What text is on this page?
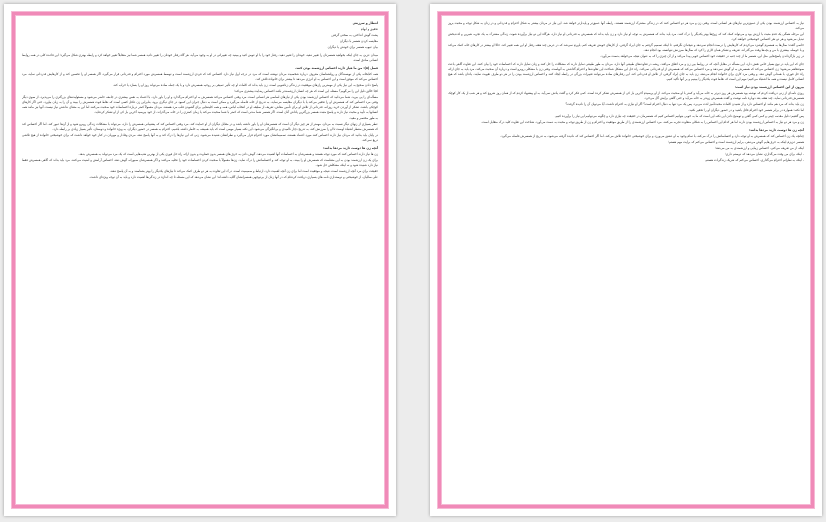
انتظار و سرزنش

تحقیق و ابهام

پشت گوش انداختن، به سختی گرفتن

مقایسه کردن همسر با دیگران

بیان عیوب همسر برای خودش یا دیگران

میدان عزیز، به جای اینکه بخواهید همسرتان را تغییر دهید، خودتان را تغییر دهید. رفتار خود را با او عوض کنید و ببینید چه تغییراتی در او به وجود می‌آید. هر گاه رفتار خودتان را تغییر دادید همسر شما نیز متقابلاً تغییر خواهد کرد و رابطه بهتری شکل می‌گیرد؛ این قاعده کلی در همه روابط انسانی صادق است.

فصل (۵): من ما هیاز دارند احساس ارزشمند بودن کنند.

همه کتابخانه پکی از نویسندگان و روانشناسان معروف درباره شخصیت مردان نوشته است که مرد در درجه اول نیاز دارد احساس کند که فردی ارزشمند است و توسط همسرش مورد احترام و قدردانی قرار می‌گیرد. اگر همسر او را تحسین کند و از کارهایش قدردانی نماید، مرد احساس می‌کند که موفق است و این احساس به او انرژی می‌دهد تا بیشتر برای خانواده تلاش کند.

پاسخ دادن صحیح به این نیاز یکی از مهمترین رازهای موفقیت در زندگی زناشویی است. زن باید بداند که کلمات او چه تأثیر عمیقی بر روحیه همسرش دارد و با یک جمله ساده می‌تواند روز او را بسازد یا خراب کند.

کجا خالق دلیل این را می‌گویم؟ مسئله این است که هر چه انسان ارزشمندتر باشد احساس رضایت بیشتری می‌کند؛

مسأله‌ای را پی ببرید. شما می‌دانید که احساس ارزشمند بودن یکی از نیازهای اساسی هر انسانی است. مرد وقتی احساس می‌کند همسرش به او احترام می‌گذارد و او را باور دارد، با اعتماد به نفس بیشتری در جامعه حاضر می‌شود و مسئولیت‌های بزرگتری را می‌پذیرد. از سوی دیگر وقتی مرد احساس کند که همسرش او را تحقیر می‌کند یا با دیگران مقایسه می‌نماید، به تدریج از خانه فاصله می‌گیرد و ممکن است به دنبال جبران این کمبود در جای دیگری برود. بنابراین زن عاقل کسی است که نقاط قوت همسرش را ببیند و آن را به زبان بیاورد، حتی اگر کارهای کوچکی باشند. تشکر از آوردن خرید روزانه، قدردانی از تلاش او برای تأمین معاش، تعریف از سلیقه او در انتخاب لباس، همه و همه کلیدهایی برای گشودن قلب مرد هستند. مردان معمولاً کمتر درباره احساسات خود صحبت می‌کنند اما این به معنای نداشتن نیاز نیست. آنها نیز مانند همه انسانها به تأیید و محبت نیاز دارند و پاسخ مثبت همسر بزرگترین پاداش آنان است. اگر همسر شما مدتی است که کمتر با شما صحبت می‌کند یا زمان کمتری را در خانه می‌گذراند، از خود بپرسید آخرین بار کی از او تشکر کرده‌اید.

به طور مختصر و مفید،

عطر بسیاری از زنهای دیگر نسبت به مردان، مهمتر از هر چیز دیگر آن است که همسرشان او را باور داشته باشد و در مقابل دیگران از او حمایت کند. مرد وقتی احساس کند که پشتیبانی همسرش را دارد، می‌تواند با مشکلات زندگی روبرو شود و از آن‌ها عبور کند. اما اگر احساس کند که همسرش منتظر اشتباه اوست تا او را سرزنش کند، به تدریج دچار ناامیدی و بی‌انگیزگی می‌شود. این نکته بسیار مهمی است که باید همیشه به خاطر داشته باشیم. احترام به همسر در حضور دیگران، به ویژه خانواده و دوستان، تأثیر بسیار زیادی بر رابطه دارد.

در پایان باید بدانید که مردان نیاز دارند احساس کنند مورد اعتماد هستند، تصمیماتشان مورد احترام قرار می‌گیرد و نظراتشان شنیده می‌شود. زنی که این نیازها را درک کند و به آنها پاسخ دهد، مردی وفادار و مهربان در کنار خود خواهد داشت که برای خوشبختی خانواده از هیچ تلاشی دریغ نمی‌کند.

آنچه زن ها دوست دارند مردها بدانند:

زن ها نیاز دارند احساس کنند که مورد توجه هستند و همسرشان به احساسات آنها اهمیت می‌دهد. گوش دادن به حرف‌های همسر بدون قضاوت و بدون ارائه راه حل فوری یکی از بهترین هدیه‌هایی است که یک مرد می‌تواند به همسرش بدهد.

برای یک زن ارزشمند بودن به این معناست که همسرش او را ببیند، به او توجه کند و احساساتش را درک نماید. زن‌ها معمولاً با صحبت کردن احساسات خود را تخلیه می‌کنند و اگر همسرشان صبورانه گوش دهد، احساس آرامش و امنیت می‌کنند. مرد باید بداند که گاهی همسرش فقط نیاز دارد شنیده شود و نه اینکه مشکلش حل شود.

حقیقت برای مرد آنچه ارزشمند است، نتیجه و موفقیت است اما برای زن آنچه اهمیت دارد، ارتباط و صمیمیت است. درک این تفاوت به هر دو طرف کمک می‌کند تا نیازهای یکدیگر را بهتر بشناسند و به آن پاسخ دهند.

علی سالیان، از خوشبختی و دوستداری نامه های بسیاری دریافت کرده‌ام که در آنها زنان از بی‌توجهی همسرانشان گلایه داشته‌اند؛ این نشان می‌دهد که این مسئله تا چه اندازه در زندگی‌ها اهمیت دارد و باید به آن توجه ویژه‌ای داشت.

نیاز به احساس ارزشمند بودن یکی از عمیق‌ترین نیازهای هر انسانی است. وقتی زن و مرد هر دو احساس کنند که در زندگی مشترک ارزشمند هستند، رابطه آنها عمیق‌تر و پایدارتر خواهد شد. این نیاز در مردان بیشتر به شکل احترام و قدردانی و در زنان به شکل توجه و محبت بروز می‌کند.

این مرحله همگی یک قدم مثبت با ارزش بود و می‌تواند کمک کند که زوج‌ها بهتر یکدیگر را درک کنند. مرد باید بداند که همسرش به توجه او نیاز دارد و زن باید بداند که همسرش به قدردانی او نیاز دارد. هرگاه این دو نیاز برآورده شوند، زندگی مشترک به یک تجربه شیرین و لذت‌بخش تبدیل می‌شود و هر دو نفر احساس خوشبختی خواهند کرد.

خانمی گفت: سال‌ها به همسرم گوشزد می‌کردم که کارهایش را درست انجام نمی‌دهد و نتیجه‌ای نگرفتم. تا اینکه تصمیم گرفتم به جای ایراد گرفتن، از کارهای خوبش تعریف کنم. باورم نمی‌شد که در عرض چند هفته رفتار او این همه تغییر کند. حالا او بیشتر در کارهای خانه کمک می‌کند و با حوصله بیشتری با من و بچه‌ها وقت می‌گذراند. تعریف و تشکر همان کاری را کرد که سال‌ها سرزنش نتوانسته بود انجام دهد.

در زیر بازگرداندن پاسخ‌هایی مثل این، همسر ما از چند جنبه در حقیقت خود احساس خوبی پیدا می‌کند و از آن چیزی را که به عنوان نتیجه می‌خواهد بدست می‌آورد.

جای که این باید در نوع بسیار خاص نقش دارد. این مسأله در مقابل آنچه که در روابط بین زن و مرد اتفاق می‌افتد، ریشه در تفاوت‌های طبیعی آنها دارد. مردان به طور طبیعی تمایل دارند که مشکلات را حل کنند و زنان تمایل دارند که احساسات خود را بیان کنند. این تفاوت گاهی باعث سوءتفاهم می‌شود؛ زن احساس می‌کند که همسرش به او گوش نمی‌دهد و مرد احساس می‌کند که همسرش از او قدردانی نمی‌کند. راه حل این مشکل شناخت این تفاوت‌ها و احترام گذاشتن به آنهاست. وقتی زن با مشکلی روبرو است و درباره آن صحبت می‌کند، مرد باید به جای ارائه راه حل فوری، با همدلی گوش دهد. و وقتی مرد کاری برای خانواده انجام می‌دهد، زن باید به جای ایراد گرفتن، از تلاش او قدردانی کند. این رفتارهای ساده می‌توانند تغییرات بزرگی در رابطه ایجاد کنند و احساس ارزشمند بودن را در هر دو طرف تقویت نمایند. یادتان باشد که هیچ انسانی کامل نیست و همه ما اشتباه می‌کنیم؛ مهم این است که نقاط قوت یکدیگر را ببینیم و بر آنها تأکید کنیم.

بیرون از این احساس ارزشمند بودن نیاز است:

روزی نامه‌ای از زنی دریافت کردم که نوشته بود همسرش هر روز دیرتر به خانه می‌آید و کمتر با او صحبت می‌کند. از او پرسیدم آخرین بار کی از همسرش تشکر کرده است. کمی فکر کرد و گفت یادش نمی‌آید. به او پیشنهاد کردم که از همان روز شروع کند و هر شب از یک کار کوچک همسرش قدردانی نماید. چند هفته بعد دوباره نامه نوشت و گفت همسرش زودتر به خانه می‌آید و حتی گاهی برایش گل می‌خرد.

زن باید بداند که مرد هم مانند او احساس دارد و از شنیدن کلمات محبت‌آمیز لذت می‌برد. پس یک مرد تنها به دنبال احترام است؟ اگر او نیازی به احترام داشت، آیا می‌توان آن را نادیده گرفت؟

اما نکته: همواره در برابر همسر خود احترام قائل باشید و در حضور دیگران او را تحقیر نکنید.

پس گفتیم: دلیل مقدمه چینی و کمی کمی گفتن و توضیح دادن این نکته این است که ما به خوبی بتوانیم احساس کنیم که همسرمان در حقیقت چه نیازی دارد و چگونه می‌توانیم این نیاز را برآورده کنیم.

زن و مرد هر دو نیاز به احساس ارزشمند بودن دارند اما هر کدام این احساس را به شکلی متفاوت تجربه می‌کنند. مرد احساس ارزشمندی را از طریق موفقیت و احترام و زن از طریق توجه و محبت به دست می‌آورد. شناخت این تفاوت کلید درک متقابل است.

آنچه زن ها دوست دارند مردها بدانند:

چنانچه یک زن احساس کند که همسرش به او توجه دارد و احساساتش را درک می‌کند، با تمام وجود به او عشق می‌ورزد و برای خوشبختی خانواده تلاش می‌کند. اما اگر احساس کند که نادیده گرفته می‌شود، به تدریج از همسرش فاصله می‌گیرد.

همسر عزیزم اینکه به حرف‌هایم گوش می‌دهی، برایم ارزشمند است و احساس می‌کنم که برایت مهم هستم؛

اینکه از من تعریف می‌کنی، احساس زیبایی و ارزشمندی به من می‌دهد؛

- اینکه برای من وقت می‌گذاری، نشان می‌دهد که دوستم داری؛

- اینکه به نظراتم احترام می‌گذاری، احساس می‌کنم که شریک زندگی‌ات هستم.
